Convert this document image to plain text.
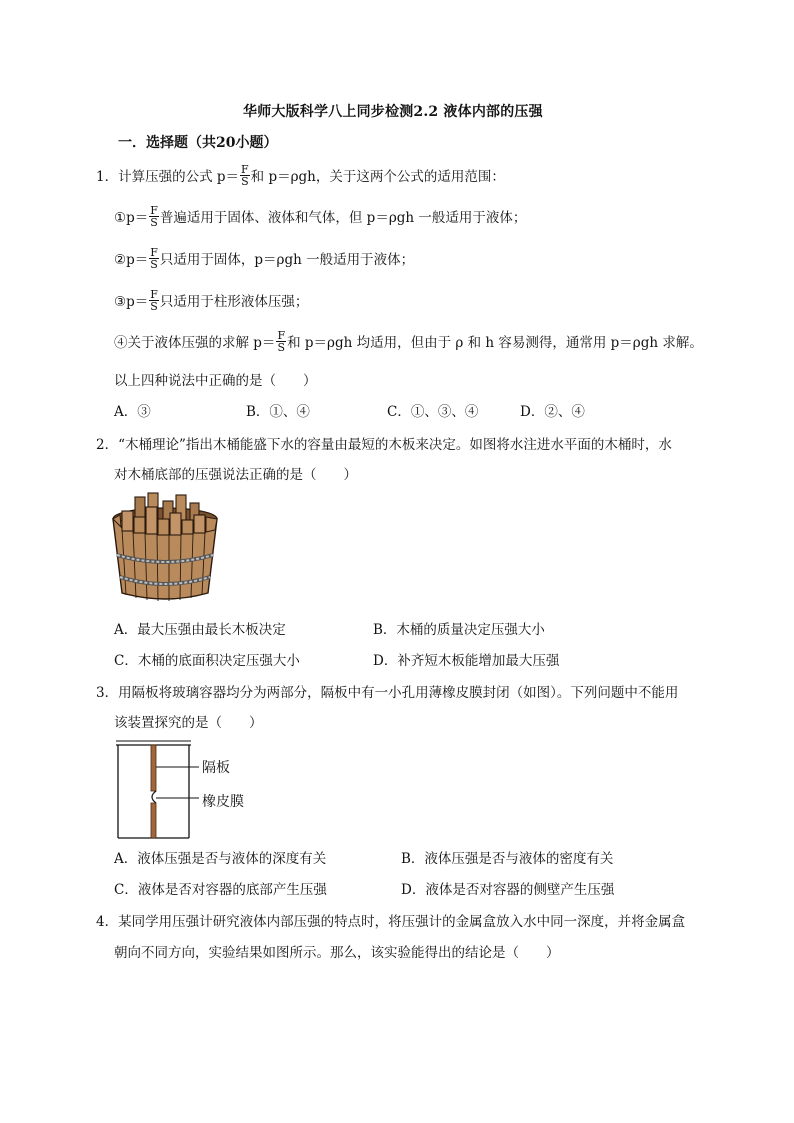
华师大版科学八上同步检测2.2 液体内部的压强
一．选择题（共20小题）
1．计算压强的公式 $p= \frac{F}{S}$ 和 p＝ρgh，关于这两个公式的适用范围：
①p＝ $\frac{F}{S}$ 普遍适用于固体、液体和气体，但 p＝ρgh 一般适用于液体；
②p＝ $\frac{F}{S}$ 只适用于固体，p＝ρgh 一般适用于液体；
③p＝ $\frac{F}{S}$ 只适用于柱形液体压强；
④关于液体压强的求解 $p= \frac{F}{S}$ 和 p＝ρgh 均适用，但由于 ρ 和 h 容易测得，通常用 p＝ρgh 求解。
以上四种说法中正确的是（　　）
A．③	B．①、④	C．①、③、④	D．②、④
2．“木桶理论”指出木桶能盛下水的容量由最短的木板来决定。如图将水注进水平面的木桶时，水
对木桶底部的压强说法正确的是（　　）
A．最大压强由最长木板决定	B．木桶的质量决定压强大小
C．木桶的底面积决定压强大小	D．补齐短木板能增加最大压强
3．用隔板将玻璃容器均分为两部分，隔板中有一小孔用薄橡皮膜封闭（如图）。下列问题中不能用
该装置探究的是（　　）
隔板
橡皮膜
A．液体压强是否与液体的深度有关	B．液体压强是否与液体的密度有关
C．液体是否对容器的底部产生压强	D．液体是否对容器的侧壁产生压强
4．某同学用压强计研究液体内部压强的特点时，将压强计的金属盒放入水中同一深度，并将金属盒
朝向不同方向，实验结果如图所示。那么，该实验能得出的结论是（　　）
